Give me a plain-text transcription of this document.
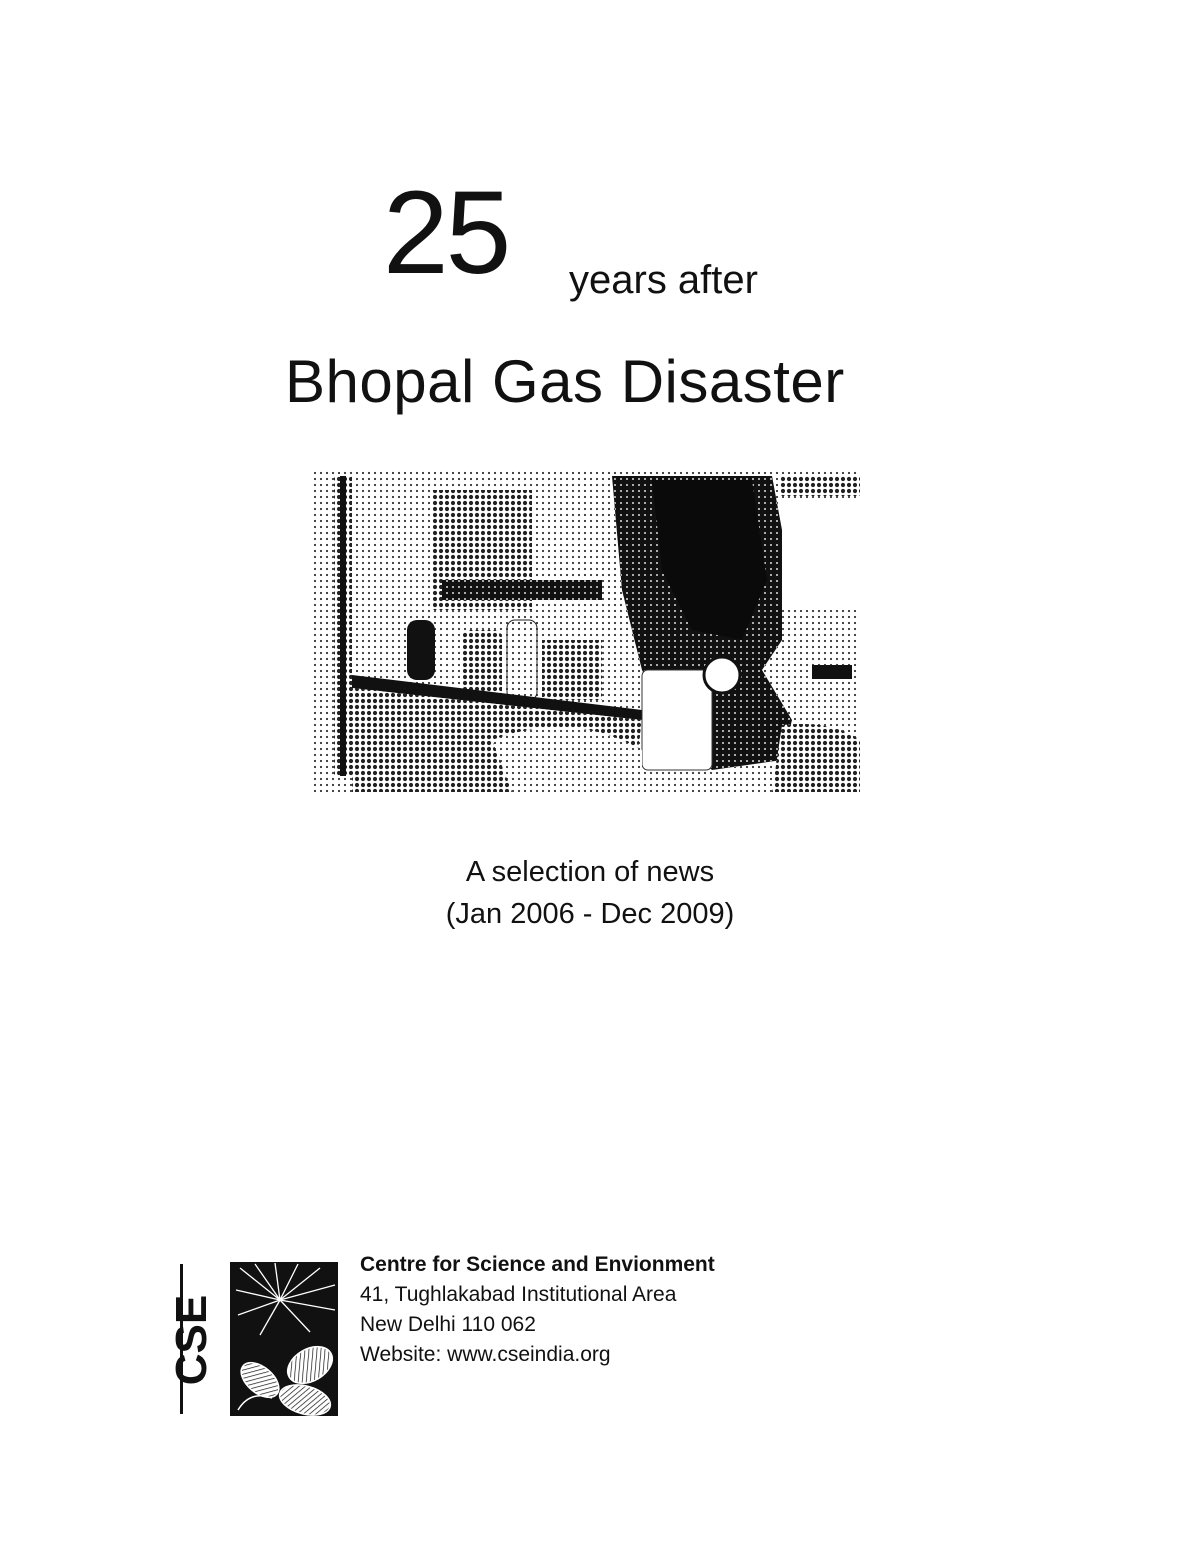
25 years after
Bhopal Gas Disaster
A selection of news
(Jan 2006 - Dec 2009)
CSE
Centre for Science and Envionment
41, Tughlakabad Institutional Area
New Delhi 110 062
Website: www.cseindia.org
